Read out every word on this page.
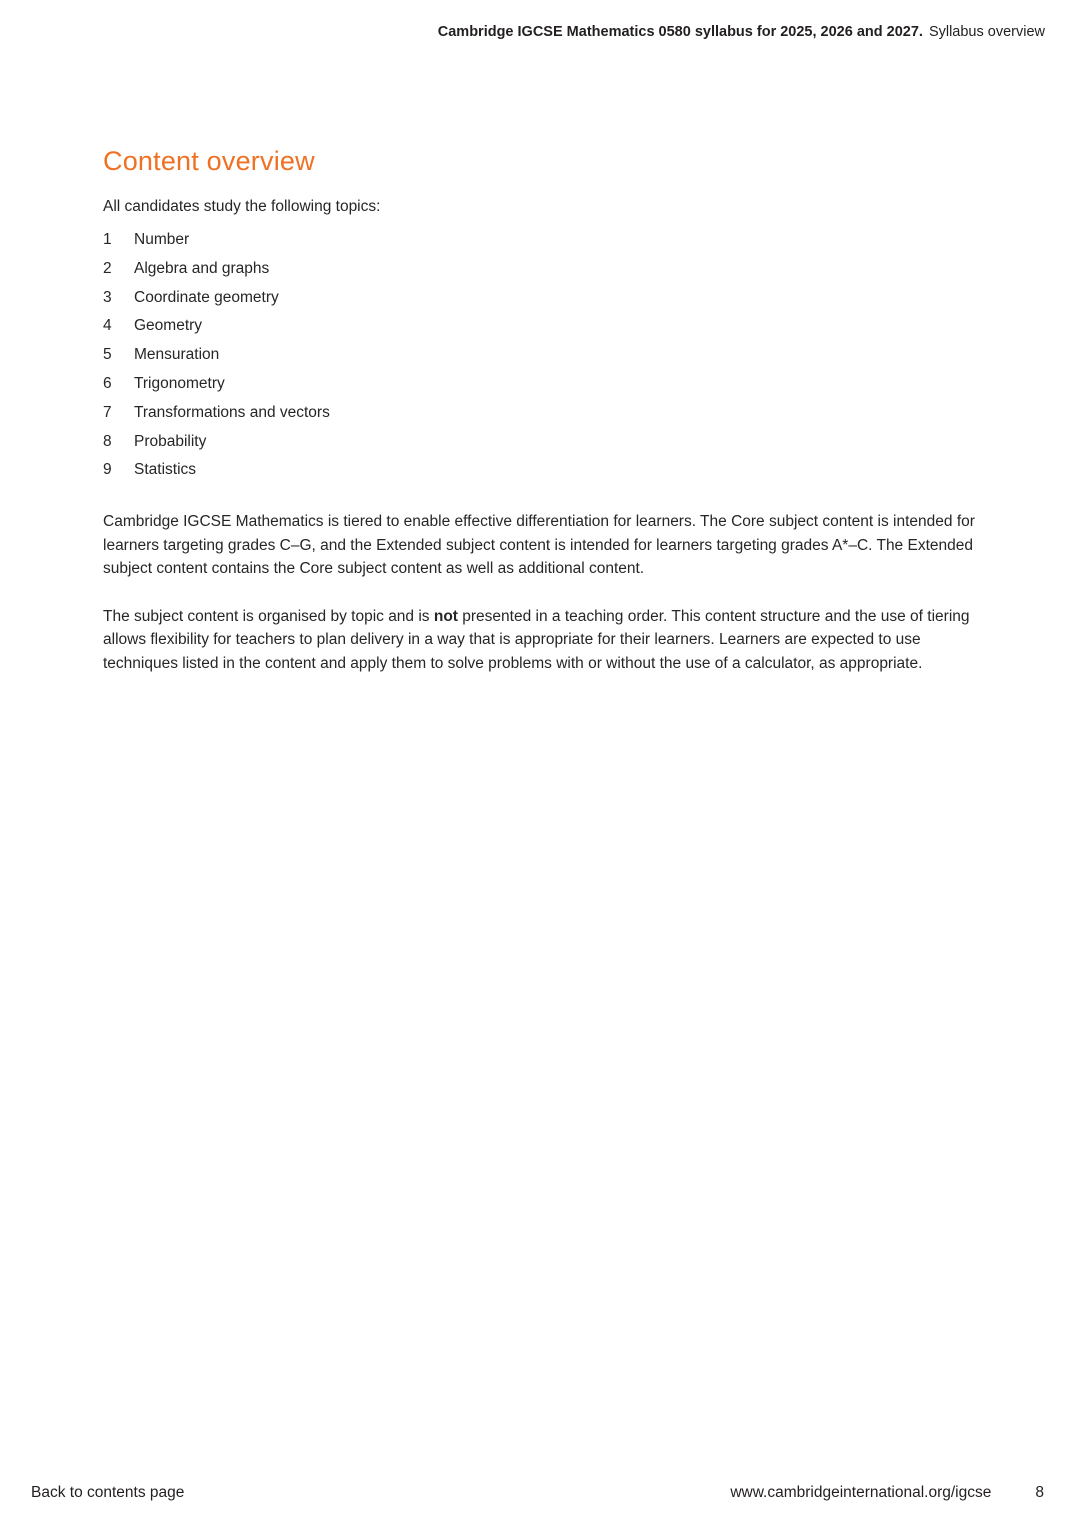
Cambridge IGCSE Mathematics 0580 syllabus for 2025, 2026 and 2027. Syllabus overview
Content overview

All candidates study the following topics:

1	Number
2	Algebra and graphs
3	Coordinate geometry
4	Geometry
5	Mensuration
6	Trigonometry
7	Transformations and vectors
8	Probability
9	Statistics

Cambridge IGCSE Mathematics is tiered to enable effective differentiation for learners. The Core subject content is intended for learners targeting grades C–G, and the Extended subject content is intended for learners targeting grades A*–C. The Extended subject content contains the Core subject content as well as additional content.

The subject content is organised by topic and is not presented in a teaching order. This content structure and the use of tiering allows flexibility for teachers to plan delivery in a way that is appropriate for their learners. Learners are expected to use techniques listed in the content and apply them to solve problems with or without the use of a calculator, as appropriate.

Back to contents page	www.cambridgeinternational.org/igcse	8
